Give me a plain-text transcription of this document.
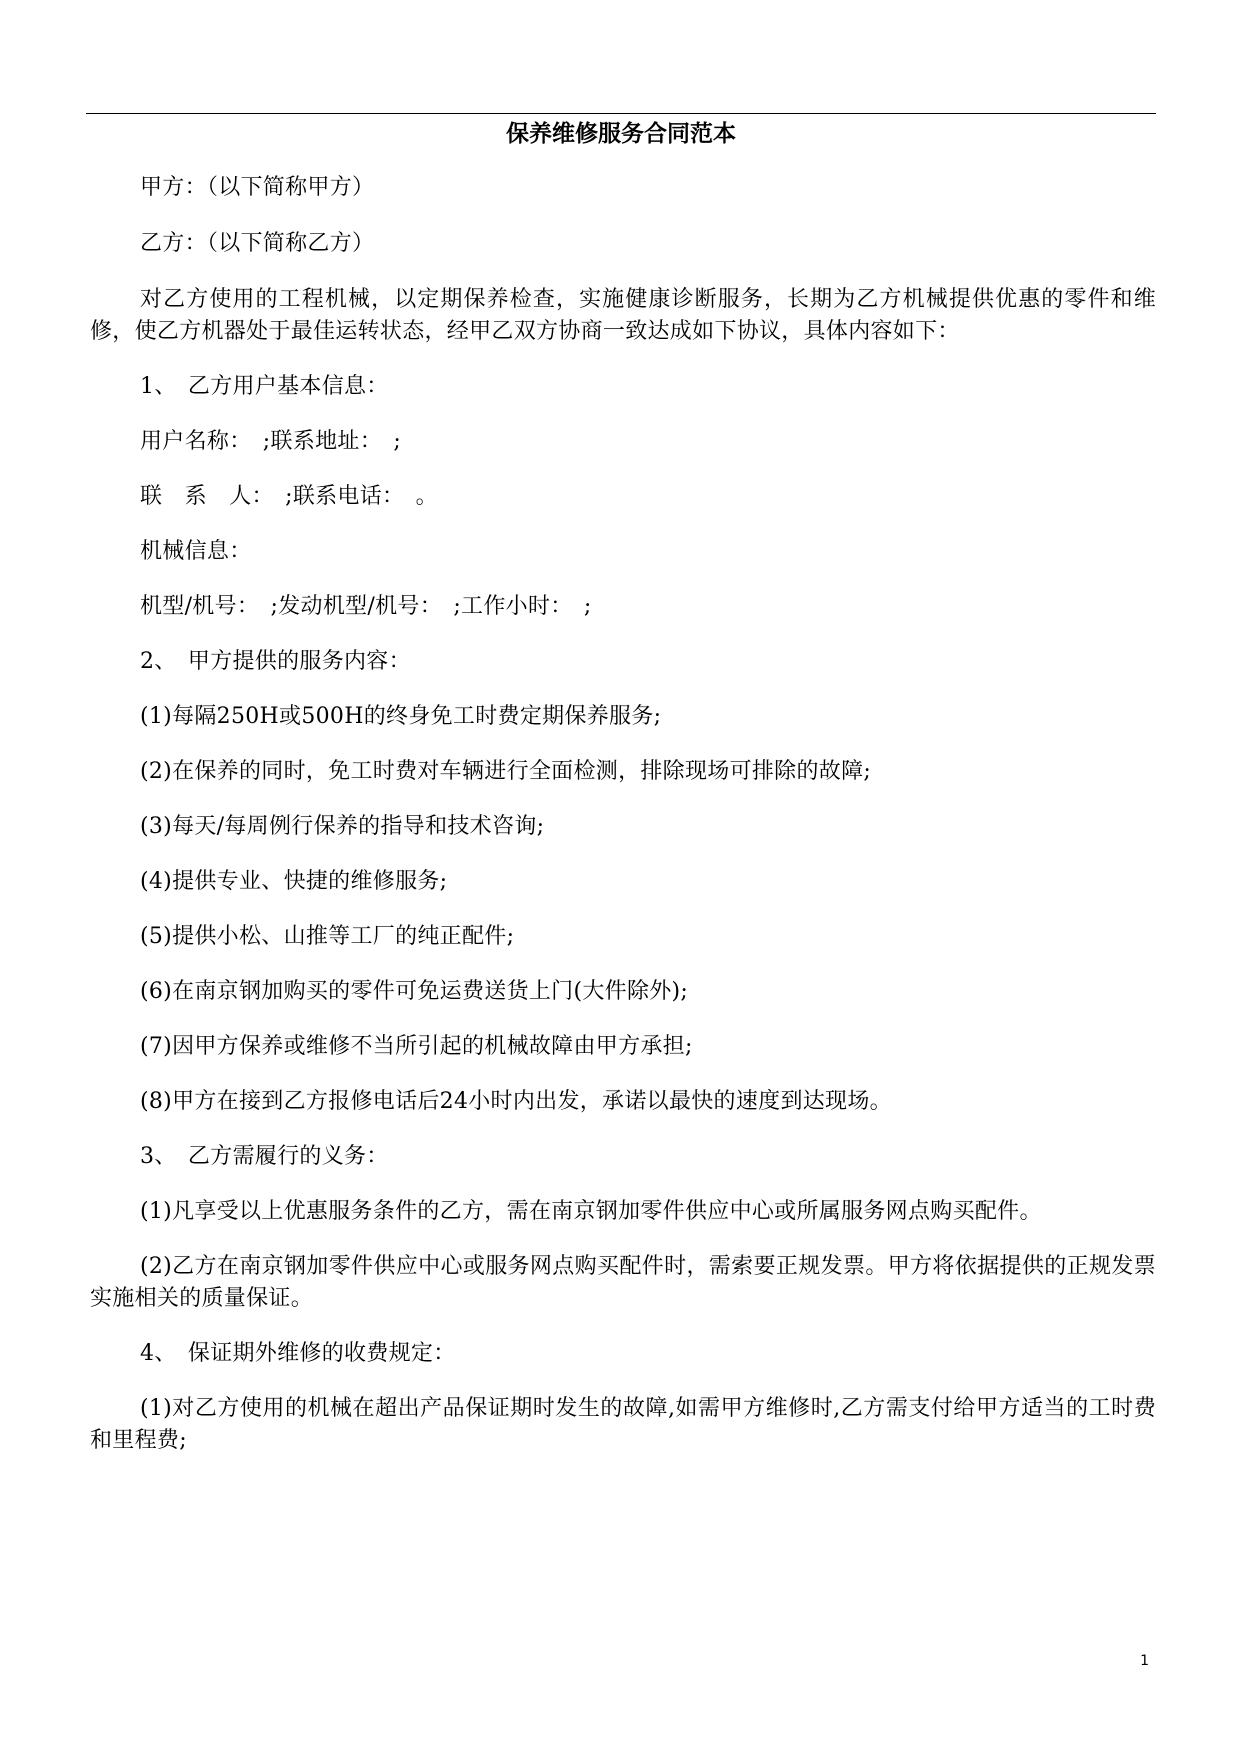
保养维修服务合同范本

甲方：（以下简称甲方）

乙方：（以下简称乙方）

对乙方使用的工程机械，以定期保养检查，实施健康诊断服务，长期为乙方机械提供优惠的零件和维修，使乙方机器处于最佳运转状态，经甲乙双方协商一致达成如下协议，具体内容如下：

1、　乙方用户基本信息：

用户名称：　;联系地址：　;

联　系　人：　;联系电话：　。

机械信息：

机型/机号：　;发动机型/机号：　;工作小时：　;

2、　甲方提供的服务内容：

(1)每隔250H或500H的终身免工时费定期保养服务;

(2)在保养的同时，免工时费对车辆进行全面检测，排除现场可排除的故障;

(3)每天/每周例行保养的指导和技术咨询;

(4)提供专业、快捷的维修服务;

(5)提供小松、山推等工厂的纯正配件;

(6)在南京钢加购买的零件可免运费送货上门(大件除外);

(7)因甲方保养或维修不当所引起的机械故障由甲方承担;

(8)甲方在接到乙方报修电话后24小时内出发，承诺以最快的速度到达现场。

3、　乙方需履行的义务：

(1)凡享受以上优惠服务条件的乙方，需在南京钢加零件供应中心或所属服务网点购买配件。

(2)乙方在南京钢加零件供应中心或服务网点购买配件时，需索要正规发票。甲方将依据提供的正规发票实施相关的质量保证。

4、　保证期外维修的收费规定：

(1)对乙方使用的机械在超出产品保证期时发生的故障,如需甲方维修时,乙方需支付给甲方适当的工时费和里程费;

1
